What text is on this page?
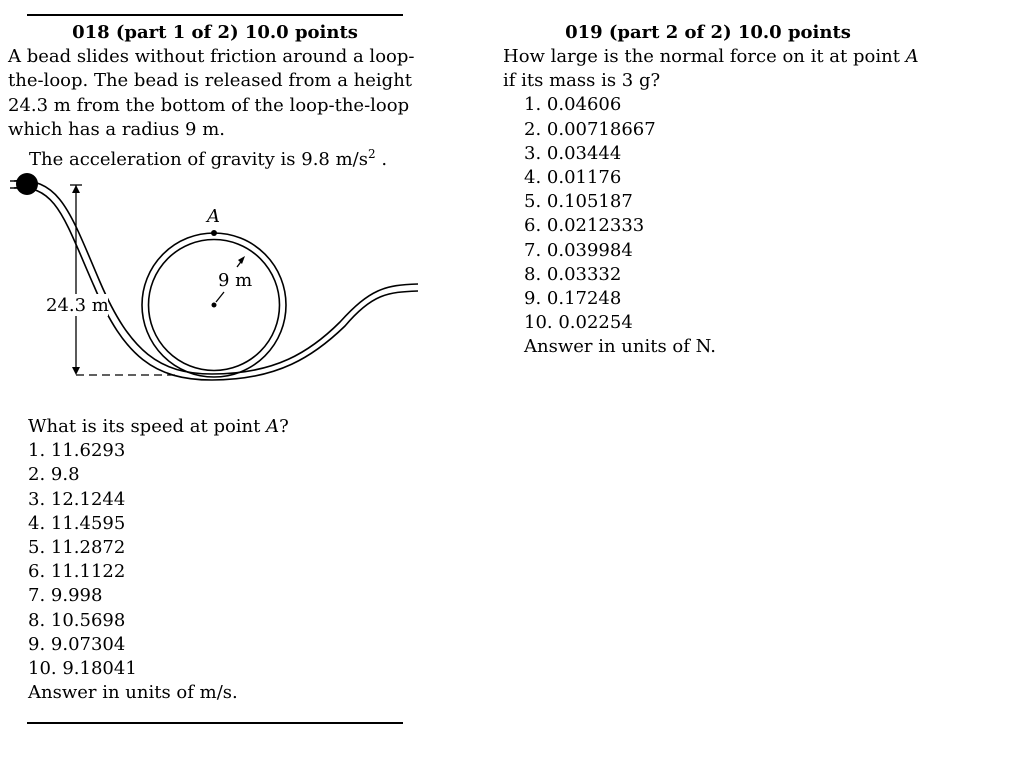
018 (part 1 of 2) 10.0 points
A bead slides without friction around a loop-
the-loop. The bead is released from a height
24.3 m from the bottom of the loop-the-loop
which has a radius 9 m.
The acceleration of gravity is 9.8 $m/s^2$ .
A
9 m
24.3 m
What is its speed at point A?
1. 11.6293
2. 9.8
3. 12.1244
4. 11.4595
5. 11.2872
6. 11.1122
7. 9.998
8. 10.5698
9. 9.07304
10. 9.18041
Answer in units of m/s.
019 (part 2 of 2) 10.0 points
How large is the normal force on it at point A
if its mass is 3 g?
1. 0.04606
2. 0.00718667
3. 0.03444
4. 0.01176
5. 0.105187
6. 0.0212333
7. 0.039984
8. 0.03332
9. 0.17248
10. 0.02254
Answer in units of N.
